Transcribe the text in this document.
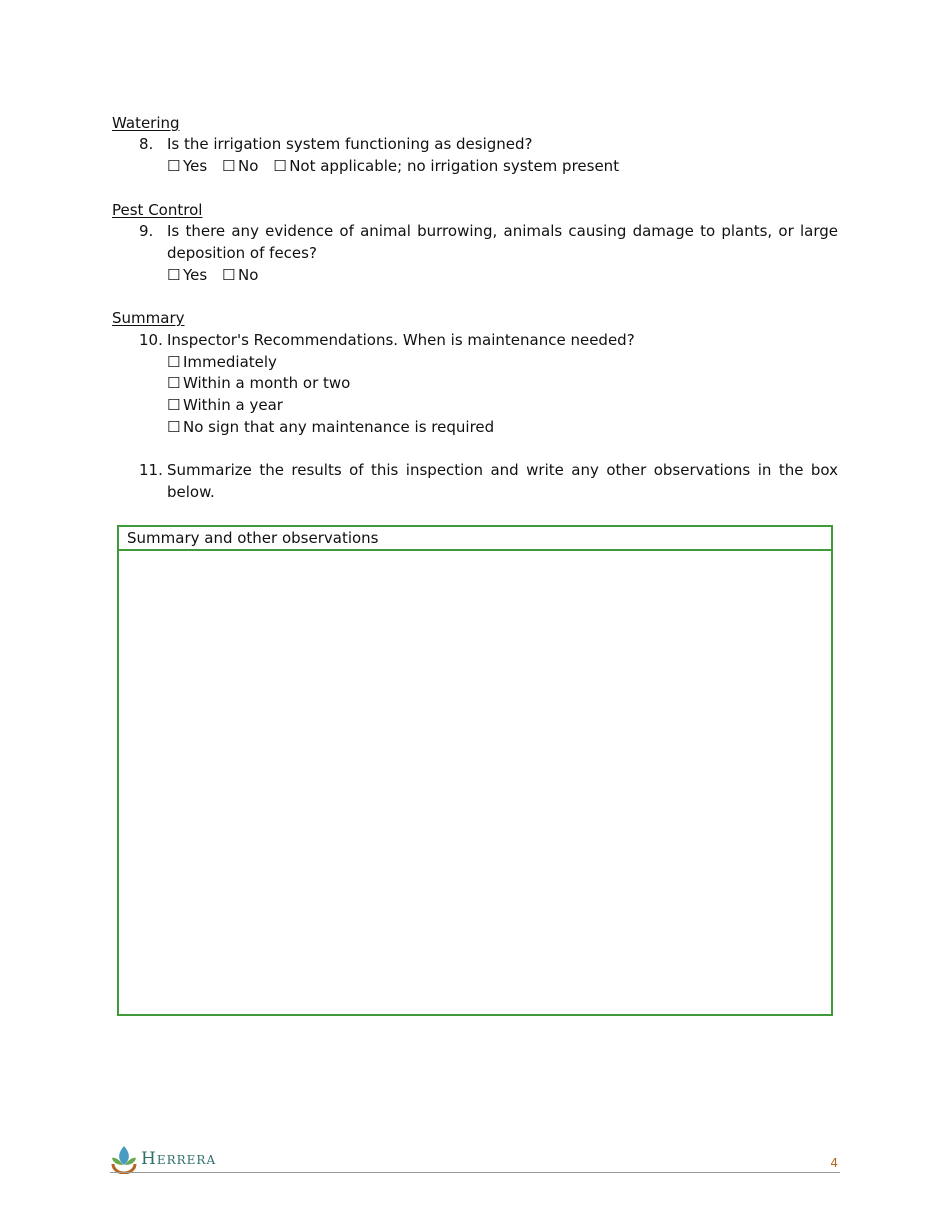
Watering
8. Is the irrigation system functioning as designed?
☐ Yes ☐ No ☐ Not applicable; no irrigation system present
Pest Control
9. Is there any evidence of animal burrowing, animals causing damage to plants, or large
deposition of feces?
☐ Yes ☐ No
Summary
10. Inspector's Recommendations. When is maintenance needed?
☐ Immediately
☐ Within a month or two
☐ Within a year
☐ No sign that any maintenance is required
11. Summarize the results of this inspection and write any other observations in the box
below.
Summary and other observations
Herrera	4
